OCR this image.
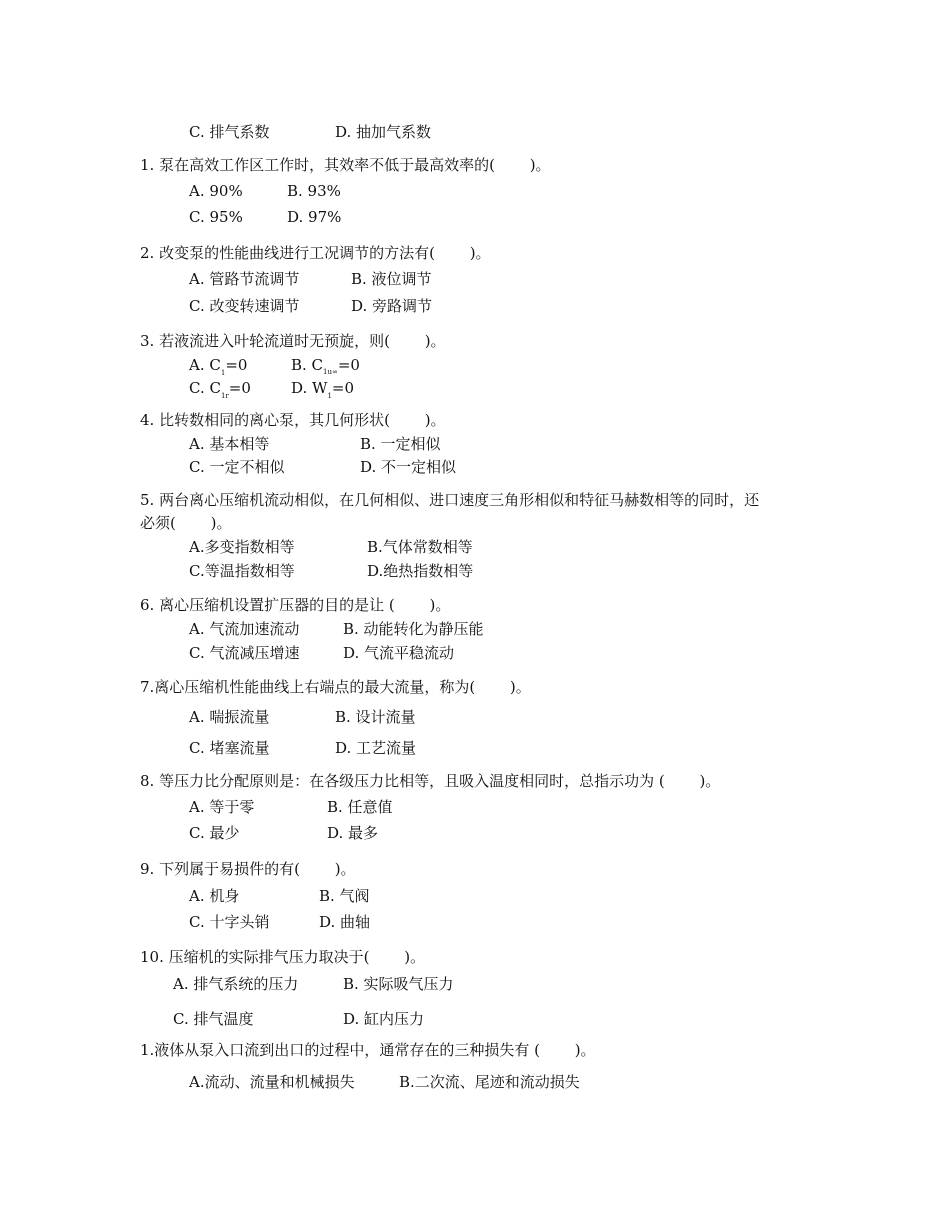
C. 排气系数	D. 抽加气系数
1. 泵在高效工作区工作时，其效率不低于最高效率的(　　 )。
A. 90%	B. 93%
C. 95%	D. 97%
2. 改变泵的性能曲线进行工况调节的方法有(　　 )。
A. 管路节流调节	B. 液位调节
C. 改变转速调节	D. 旁路调节
3. 若液流进入叶轮流道时无预旋，则(　　 )。
A. $C_1=0$	B. $C_{1u\infty}=0$
C. $C_{1r}=0$	D. $W_1=0$
4. 比转数相同的离心泵，其几何形状(　　 )。
A. 基本相等	B. 一定相似
C. 一定不相似	D. 不一定相似
5. 两台离心压缩机流动相似，在几何相似、进口速度三角形相似和特征马赫数相等的同时，还
必须(　　 )。
A.多变指数相等	B.气体常数相等
C.等温指数相等	D.绝热指数相等
6. 离心压缩机设置扩压器的目的是让 (　　 )。
A. 气流加速流动	B. 动能转化为静压能
C. 气流减压增速	D. 气流平稳流动
7.离心压缩机性能曲线上右端点的最大流量，称为(　　 )。
A. 喘振流量	B. 设计流量
C. 堵塞流量	D. 工艺流量
8. 等压力比分配原则是：在各级压力比相等，且吸入温度相同时，总指示功为 (　　 )。
A. 等于零	B. 任意值
C. 最少	D. 最多
9. 下列属于易损件的有(　　 )。
A. 机身	B. 气阀
C. 十字头销	D. 曲轴
10. 压缩机的实际排气压力取决于(　　 )。
A. 排气系统的压力	B. 实际吸气压力
C. 排气温度	D. 缸内压力
1.液体从泵入口流到出口的过程中，通常存在的三种损失有 (　　 )。
A.流动、流量和机械损失	B.二次流、尾迹和流动损失
